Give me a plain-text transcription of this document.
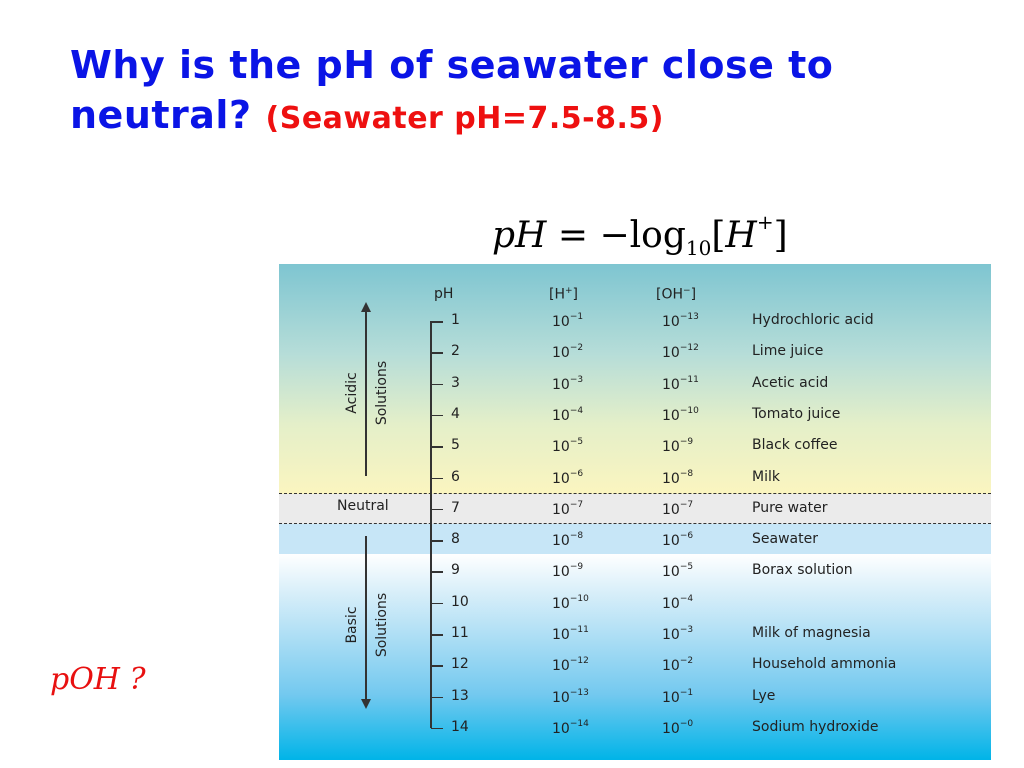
Why is the pH of seawater close to
neutral? (Seawater pH=7.5-8.5)
pH = $-\log_{10}[H^+]$
pH	[H+]	[OH−]
Acidic Solutions
Neutral
Basic Solutions
1	$10^{-1}$	$10^{-13}$	Hydrochloric acid
2	$10^{-2}$	$10^{-12}$	Lime juice
3	$10^{-3}$	$10^{-11}$	Acetic acid
4	$10^{-4}$	$10^{-10}$	Tomato juice
5	$10^{-5}$	$10^{-9}$	Black coffee
6	$10^{-6}$	$10^{-8}$	Milk
7	$10^{-7}$	$10^{-7}$	Pure water
8	$10^{-8}$	$10^{-6}$	Seawater
9	$10^{-9}$	$10^{-5}$	Borax solution
10	$10^{-10}$	$10^{-4}$
11	$10^{-11}$	$10^{-3}$	Milk of magnesia
12	$10^{-12}$	$10^{-2}$	Household ammonia
13	$10^{-13}$	$10^{-1}$	Lye
14	$10^{-14}$	$10^{-0}$	Sodium hydroxide
pOH ?
